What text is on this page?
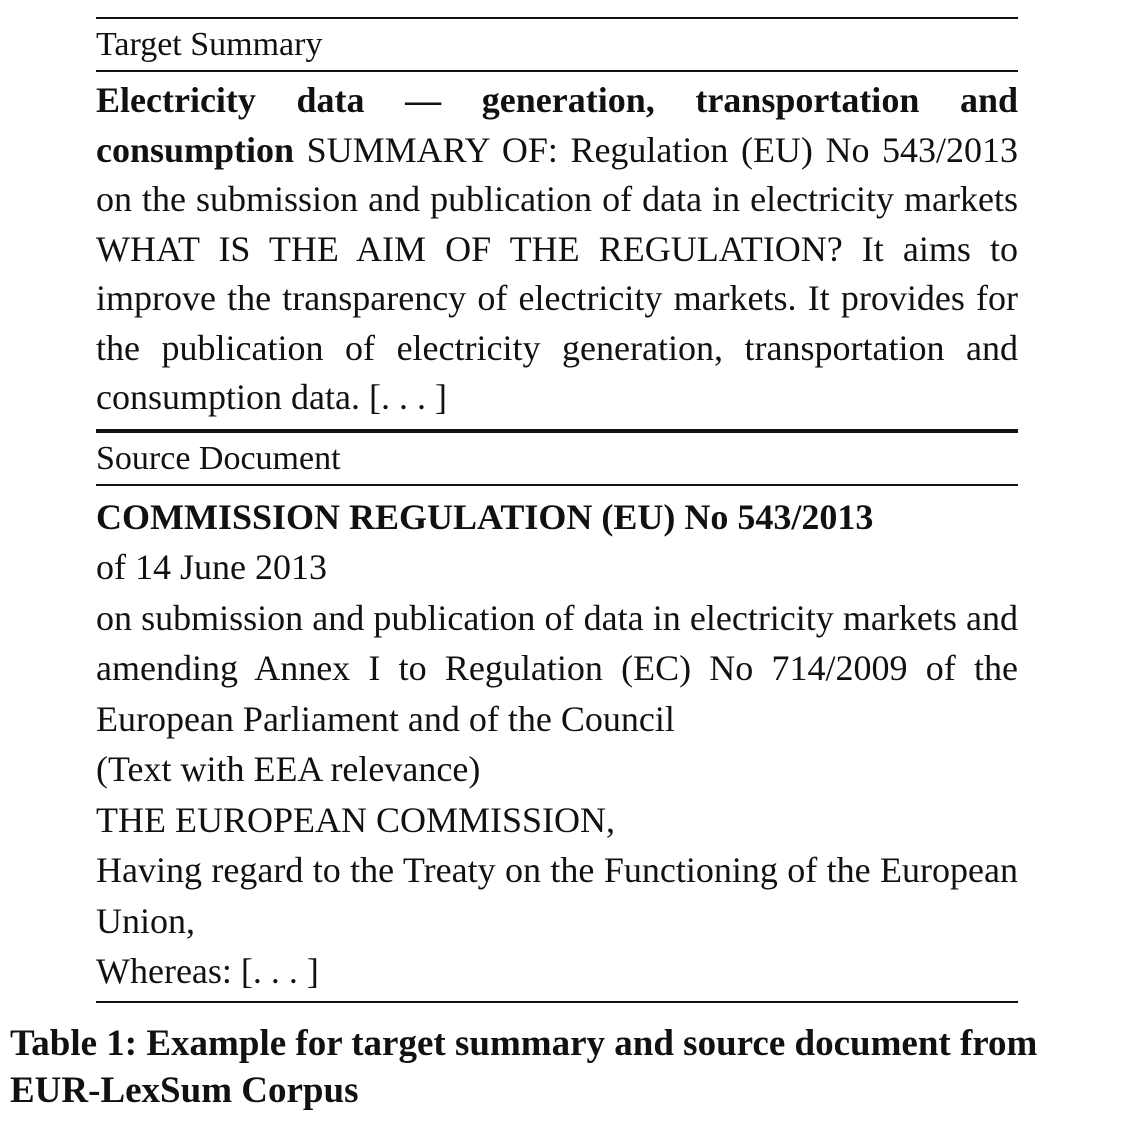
Target Summary
Electricity data — generation, transportation and consumption SUMMARY OF: Regulation (EU) No 543/2013 on the submission and publication of data in electricity markets WHAT IS THE AIM OF THE REGULATION? It aims to improve the transparency of electricity markets. It provides for the publication of electricity generation, transportation and consumption data. [. . . ]
Source Document
COMMISSION REGULATION (EU) No 543/2013
of 14 June 2013
on submission and publication of data in electricity markets and amending Annex I to Regulation (EC) No 714/2009 of the European Parliament and of the Council
(Text with EEA relevance)
THE EUROPEAN COMMISSION,
Having regard to the Treaty on the Functioning of the European Union,
Whereas: [. . . ]
Table 1: Example for target summary and source document from EUR-LexSum Corpus
